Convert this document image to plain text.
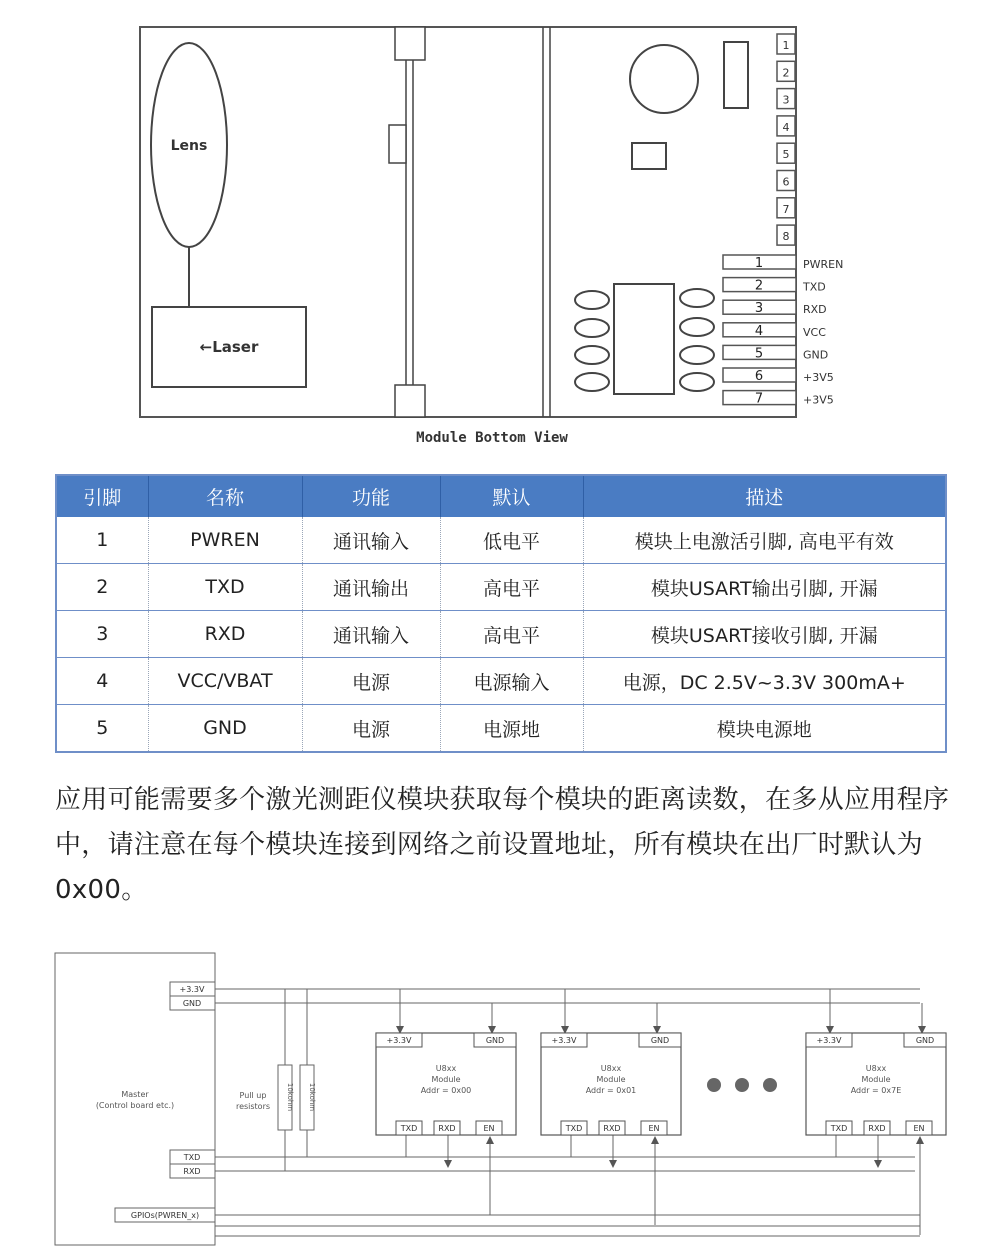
Lens
←Laser
1
2
3
4
5
6
7
8
1	PWREN
2	TXD
3	RXD
4	VCC
5	GND
6	+3V5
7	+3V5
Module Bottom View
引脚	名称	功能	默认	描述
1	PWREN	通讯输入	低电平	模块上电激活引脚, 高电平有效
2	TXD	通讯输出	高电平	模块USART输出引脚, 开漏
3	RXD	通讯输入	高电平	模块USART接收引脚, 开漏
4	VCC/VBAT	电源	电源输入	电源，DC 2.5V~3.3V 300mA+
5	GND	电源	电源地	模块电源地

应用可能需要多个激光测距仪模块获取每个模块的距离读数，在多从应用程序中，请注意在每个模块连接到网络之前设置地址，所有模块在出厂时默认为0x00。

Master
(Control board etc.)
+3.3V
GND
TXD
RXD
GPIOs(PWREN_x)
10kohm 10kohm
Pull up
resistors
+3.3V	GND
U8xx
Module
Addr = 0x00
TXD	RXD	EN
+3.3V	GND
U8xx
Module
Addr = 0x01
TXD	RXD	EN
+3.3V	GND
U8xx
Module
Addr = 0x7E
TXD	RXD	EN
